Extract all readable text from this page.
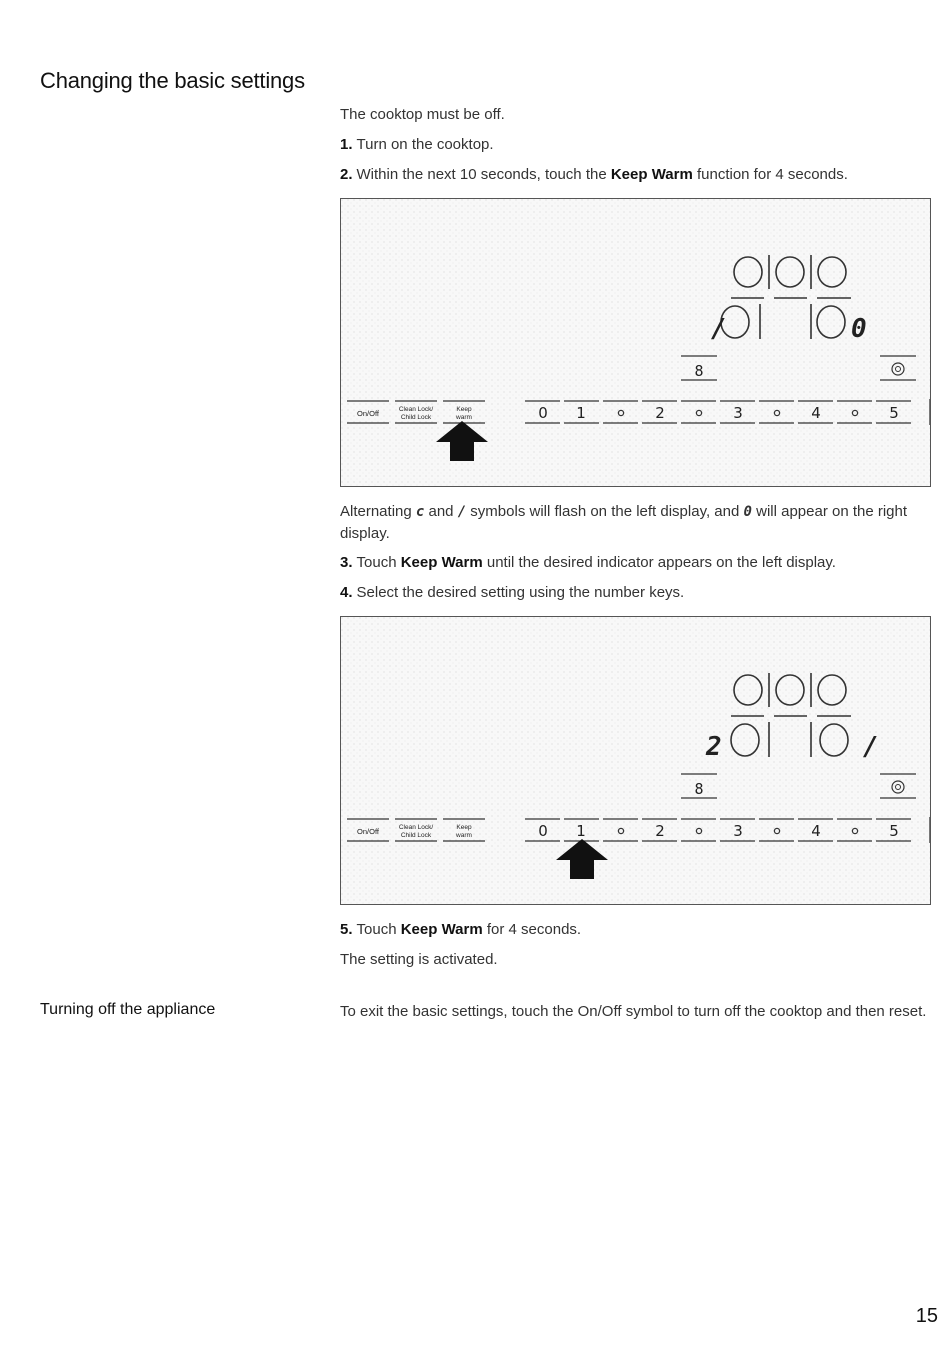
Changing the basic settings

The cooktop must be off.

1. Turn on the cooktop.

2. Within the next 10 seconds, touch the Keep Warm function for 4 seconds.

/	0
8
On/Off	Clean Lock/
Child Lock
Keep
warm	0 1	2	3	4	5

Alternating c and / symbols will flash on the left display, and 0 will appear on the right display.

3. Touch Keep Warm until the desired indicator appears on the left display.

4. Select the desired setting using the number keys.

2	/
8
On/Off	Clean Lock/
Child Lock
Keep
warm	0 1	2	3	4	5

5. Touch Keep Warm for 4 seconds.

The setting is activated.

Turning off the appliance	To exit the basic settings, touch the On/Off symbol to turn off the cooktop and then reset.

15
